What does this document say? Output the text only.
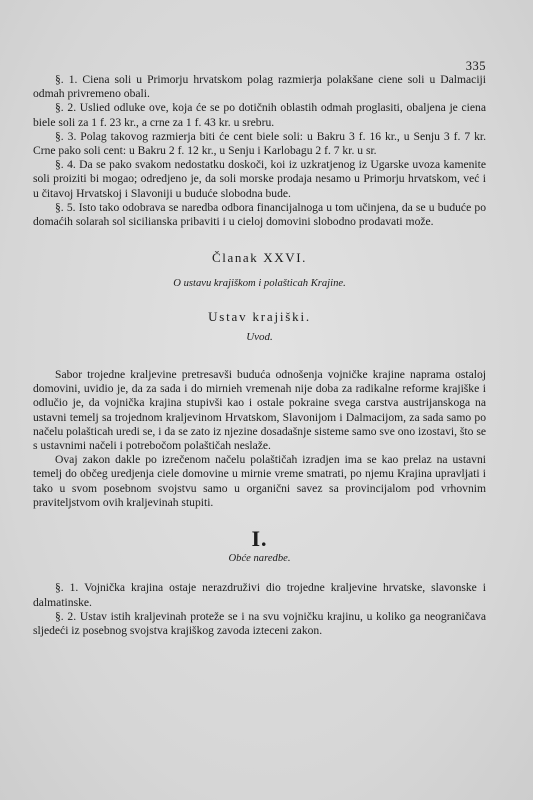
335

§. 1. Ciena soli u Primorju hrvatskom polag razmierja polakšane ciene soli u Dalmaciji odmah privremeno obali.

§. 2. Uslied odluke ove, koja će se po dotičnih oblastih odmah proglasiti, obaljena je ciena biele soli za 1 f. 23 kr., a crne za 1 f. 43 kr. u srebru.

§. 3. Polag takovog razmierja biti će cent biele soli: u Bakru 3 f. 16 kr., u Senju 3 f. 7 kr. Crne pako soli cent: u Bakru 2 f. 12 kr., u Senju i Karlobagu 2 f. 7 kr. u sr.

§. 4. Da se pako svakom nedostatku doskoči, koi iz uzkratjenog iz Ugarske uvoza kamenite soli proiziti bi mogao; odredjeno je, da soli morske prodaja nesamo u Primorju hrvatskom, već i u čitavoj Hrvatskoj i Slavoniji u buduće slobodna bude.

§. 5. Isto tako odobrava se naredba odbora financijalnoga u tom učinjena, da se u buduće po domaćih solarah sol sicilianska pribaviti i u cieloj domovini slobodno prodavati može.

Članak XXVI.

O ustavu krajiškom i polašticah Krajine.

Ustav krajiški.

Uvod.

Sabor trojedne kraljevine pretresavši buduća odnošenja vojničke krajine naprama ostaloj domovini, uvidio je, da za sada i do mirnieh vremenah nije doba za radikalne reforme krajiške i odlučio je, da vojnička krajina stupivši kao i ostale pokraine svega carstva austrijanskoga na ustavni temelj sa trojednom kraljevinom Hrvatskom, Slavonijom i Dalmacijom, za sada samo po načelu polašticah uredi se, i da se zato iz njezine dosadašnje sisteme samo sve ono izostavi, što se s ustavnimi načeli i potrebočom polaštičah neslaže.

Ovaj zakon dakle po izrečenom načelu polaštičah izradjen ima se kao prelaz na ustavni temelj do občeg uredjenja ciele domovine u mirnie vreme smatrati, po njemu Krajina upravljati i tako u svom posebnom svojstvu samo u organični savez sa provincijalom pod vrhovnim praviteljstvom ovih kraljevinah stupiti.

I.

Obće naredbe.

§. 1. Vojnička krajina ostaje nerazdruživi dio trojedne kraljevine hrvatske, slavonske i dalmatinske.

§. 2. Ustav istih kraljevinah proteže se i na svu vojničku krajinu, u koliko ga neograničava sljedeći iz posebnog svojstva krajiškog zavoda izteceni zakon.
